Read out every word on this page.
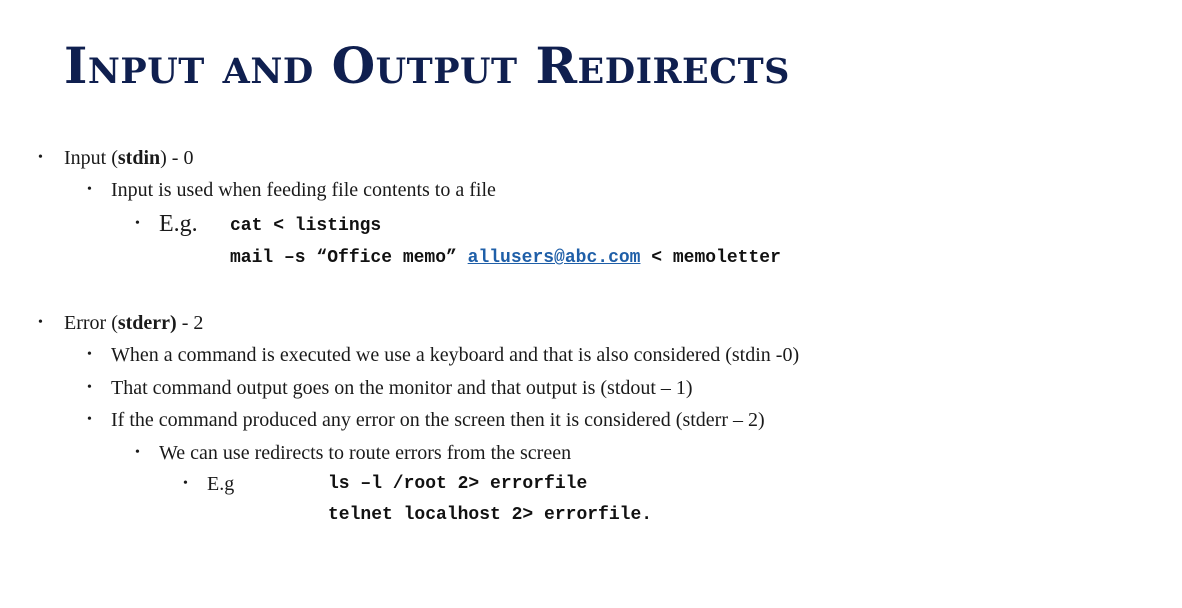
Input and Output Redirects
• Input (stdin) - 0
• Input is used when feeding file contents to a file
• E.g. cat < listings
mail –s “Office memo” allusers@abc.com < memoletter
• Error (stderr) - 2
• When a command is executed we use a keyboard and that is also considered (stdin -0)
• That command output goes on the monitor and that output is (stdout – 1)
• If the command produced any error on the screen then it is considered (stderr – 2)
• We can use redirects to route errors from the screen
• E.g	ls –l /root 2> errorfile
telnet localhost 2> errorfile.
